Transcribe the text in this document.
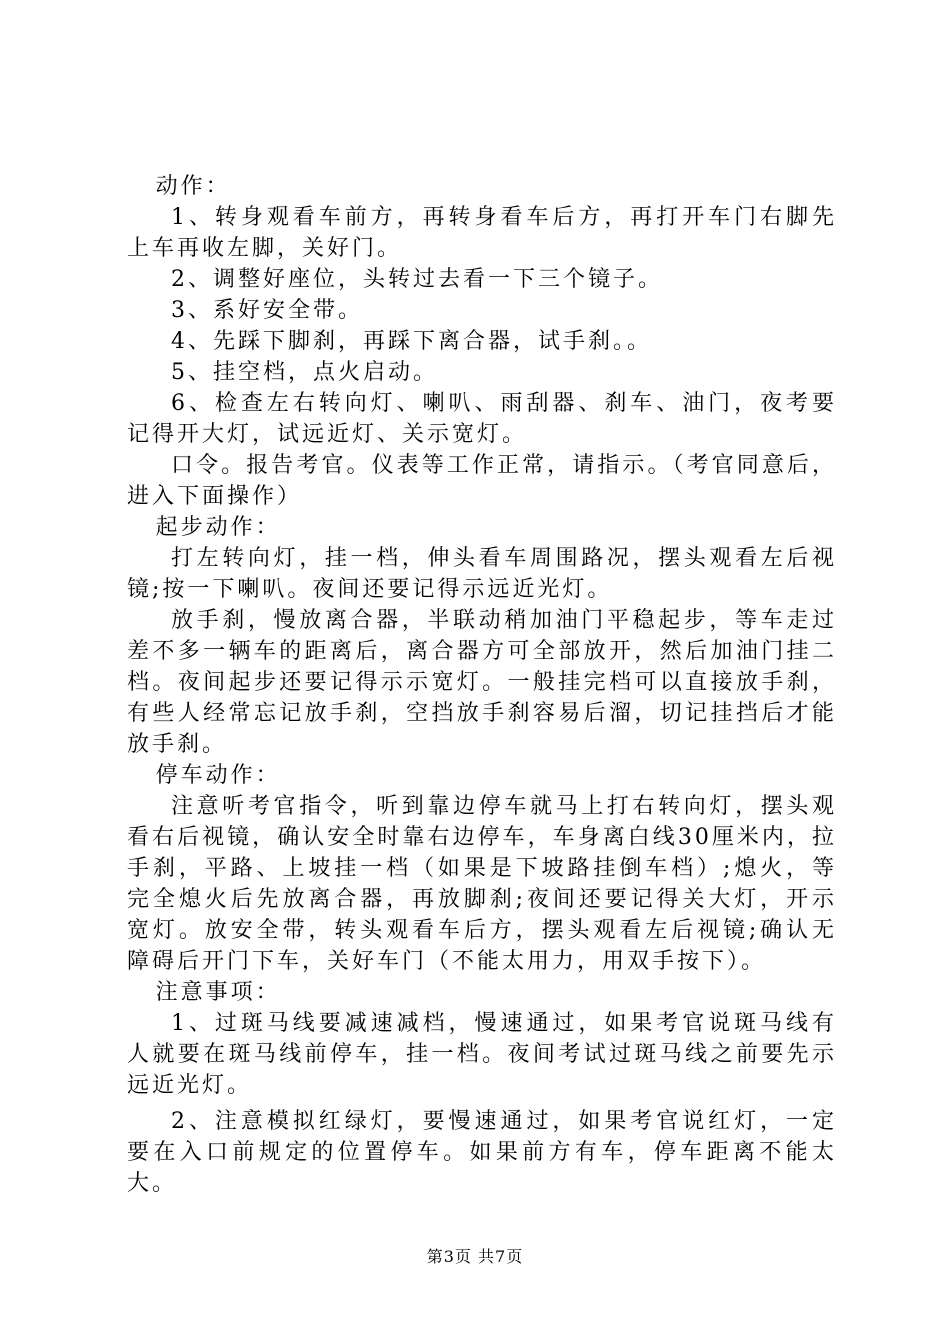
动作：

1、转身观看车前方，再转身看车后方，再打开车门右脚先上车再收左脚，关好门。

2、调整好座位，头转过去看一下三个镜子。

3、系好安全带。

4、先踩下脚刹，再踩下离合器，试手刹。。

5、挂空档，点火启动。

6、检查左右转向灯、喇叭、雨刮器、刹车、油门，夜考要记得开大灯，试远近灯、关示宽灯。

口令。报告考官。仪表等工作正常，请指示。（考官同意后，进入下面操作）

起步动作：

打左转向灯，挂一档，伸头看车周围路况，摆头观看左后视镜;按一下喇叭。夜间还要记得示远近光灯。

放手刹，慢放离合器，半联动稍加油门平稳起步，等车走过差不多一辆车的距离后，离合器方可全部放开，然后加油门挂二档。夜间起步还要记得示示宽灯。一般挂完档可以直接放手刹，有些人经常忘记放手刹，空挡放手刹容易后溜，切记挂挡后才能放手刹。

停车动作：

注意听考官指令，听到靠边停车就马上打右转向灯，摆头观看右后视镜，确认安全时靠右边停车，车身离白线30厘米内，拉手刹，平路、上坡挂一档（如果是下坡路挂倒车档）;熄火，等完全熄火后先放离合器，再放脚刹;夜间还要记得关大灯，开示宽灯。放安全带，转头观看车后方，摆头观看左后视镜;确认无障碍后开门下车，关好车门（不能太用力，用双手按下）。

注意事项：

1、过斑马线要减速减档，慢速通过，如果考官说斑马线有人就要在斑马线前停车，挂一档。夜间考试过斑马线之前要先示远近光灯。

2、注意模拟红绿灯，要慢速通过，如果考官说红灯，一定要在入口前规定的位置停车。如果前方有车，停车距离不能太大。

第3页 共7页
